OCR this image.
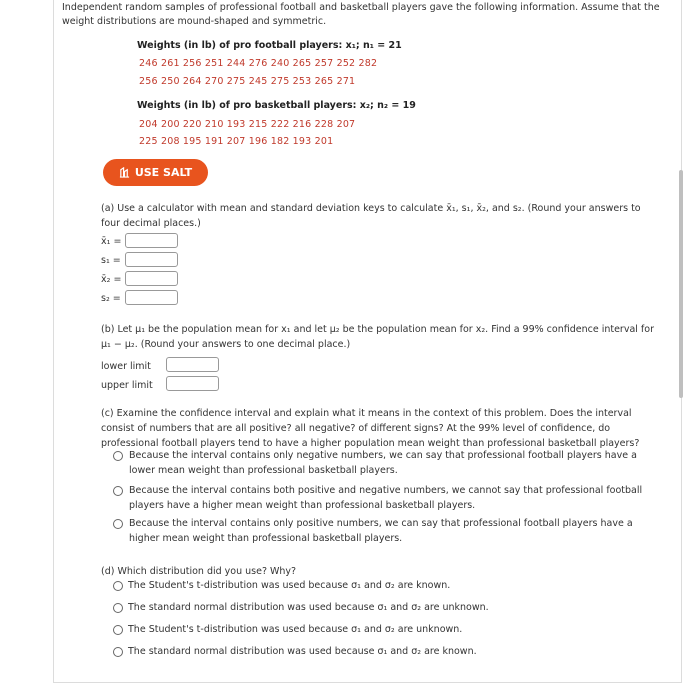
Independent random samples of professional football and basketball players gave the following information. Assume that the weight distributions are mound-shaped and symmetric.
Weights (in lb) of pro football players: x₁; n₁ = 21
246 261 256 251 244 276 240 265 257 252 282
256 250 264 270 275 245 275 253 265 271
Weights (in lb) of pro basketball players: x₂; n₂ = 19
204 200 220 210 193 215 222 216 228 207
225 208 195 191 207 196 182 193 201
USE SALT
(a) Use a calculator with mean and standard deviation keys to calculate x̄₁, s₁, x̄₂, and s₂. (Round your answers to four decimal places.)
x̄₁ =
s₁ =
x̄₂ =
s₂ =
(b) Let μ₁ be the population mean for x₁ and let μ₂ be the population mean for x₂. Find a 99% confidence interval for μ₁ − μ₂. (Round your answers to one decimal place.)
lower limit
upper limit
(c) Examine the confidence interval and explain what it means in the context of this problem. Does the interval consist of numbers that are all positive? all negative? of different signs? At the 99% level of confidence, do professional football players tend to have a higher population mean weight than professional basketball players?
Because the interval contains only negative numbers, we can say that professional football players have a lower mean weight than professional basketball players.
Because the interval contains both positive and negative numbers, we cannot say that professional football players have a higher mean weight than professional basketball players.
Because the interval contains only positive numbers, we can say that professional football players have a higher mean weight than professional basketball players.
(d) Which distribution did you use? Why?
The Student's t-distribution was used because σ₁ and σ₂ are known.
The standard normal distribution was used because σ₁ and σ₂ are unknown.
The Student's t-distribution was used because σ₁ and σ₂ are unknown.
The standard normal distribution was used because σ₁ and σ₂ are known.
